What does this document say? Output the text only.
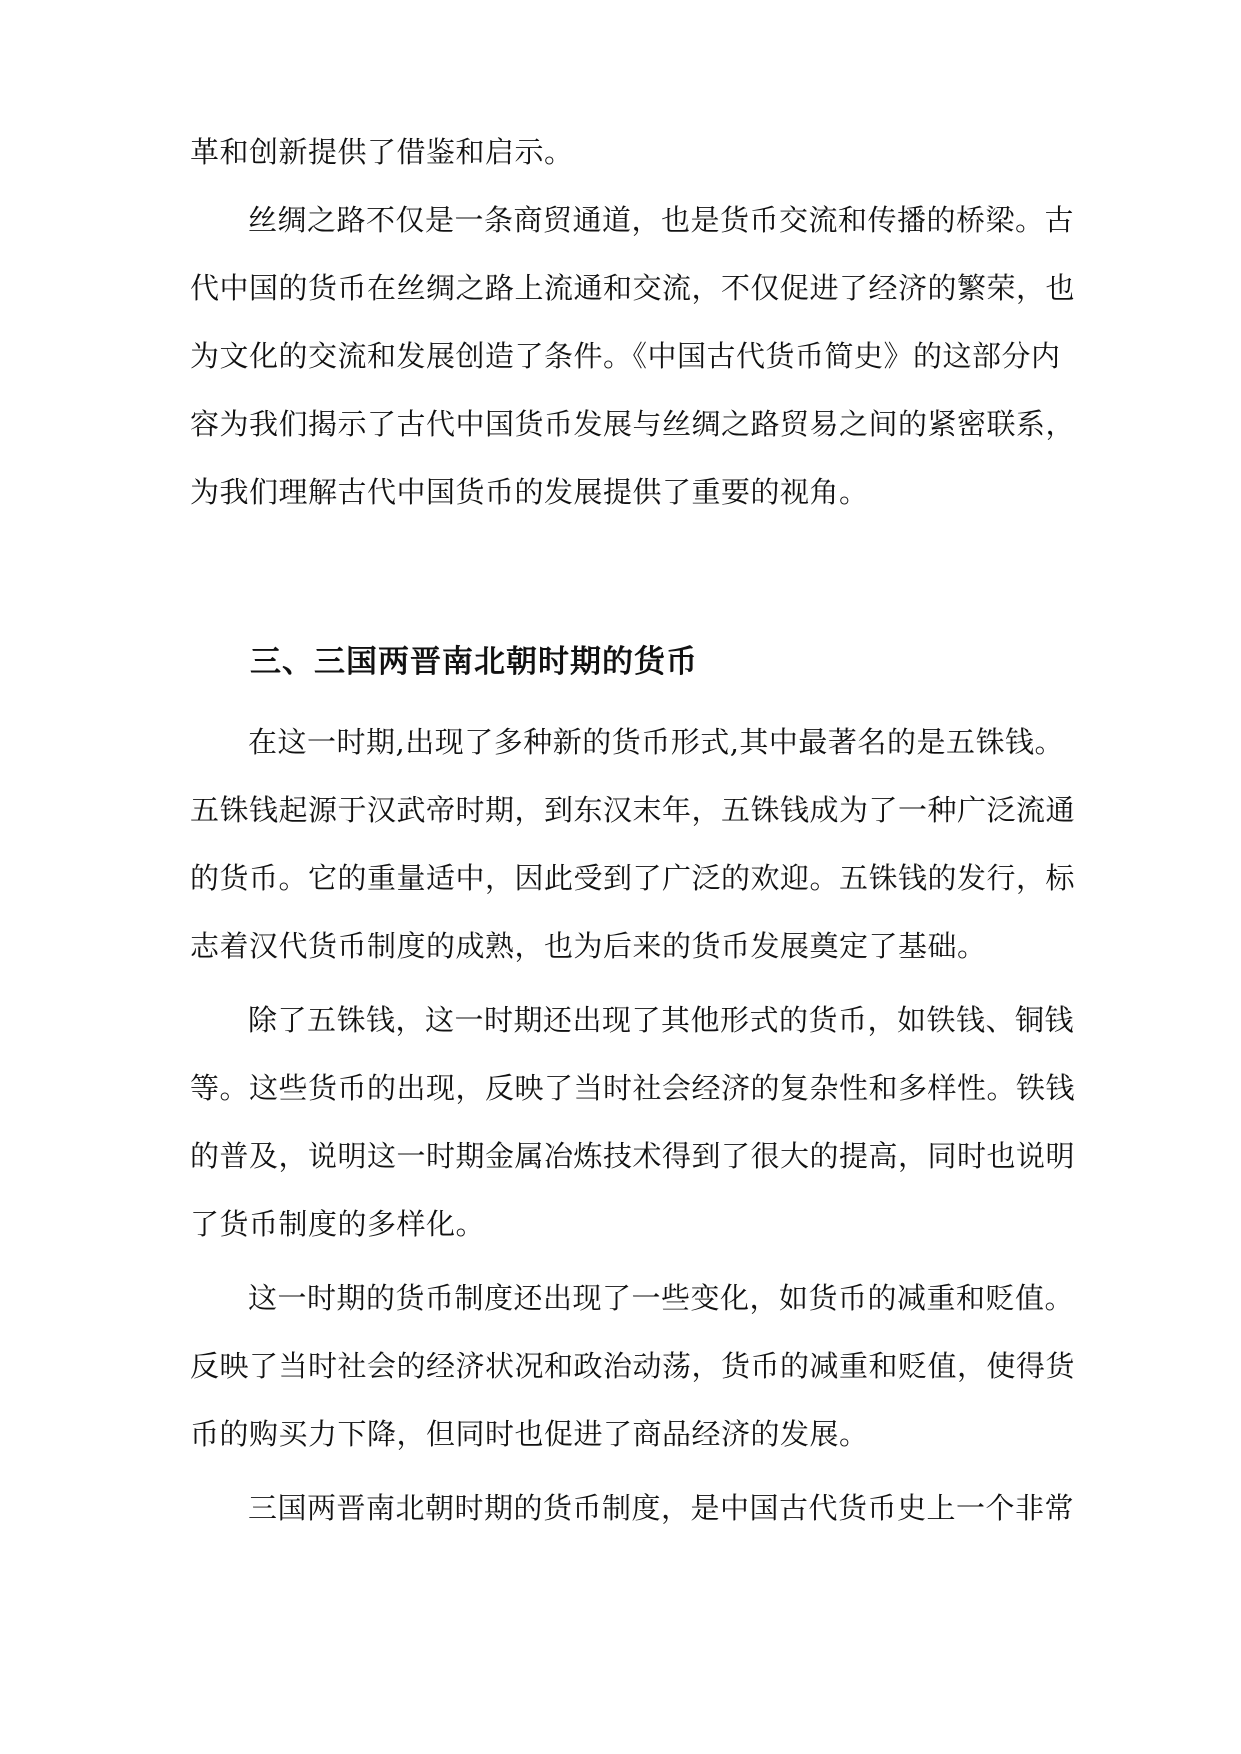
革和创新提供了借鉴和启示。
丝绸之路不仅是一条商贸通道，也是货币交流和传播的桥梁。古
代中国的货币在丝绸之路上流通和交流，不仅促进了经济的繁荣，也
为文化的交流和发展创造了条件。《中国古代货币简史》的这部分内
容为我们揭示了古代中国货币发展与丝绸之路贸易之间的紧密联系，
为我们理解古代中国货币的发展提供了重要的视角。
三、三国两晋南北朝时期的货币
在这一时期,出现了多种新的货币形式,其中最著名的是五铢钱。
五铢钱起源于汉武帝时期，到东汉末年，五铢钱成为了一种广泛流通
的货币。它的重量适中，因此受到了广泛的欢迎。五铢钱的发行，标
志着汉代货币制度的成熟，也为后来的货币发展奠定了基础。
除了五铢钱，这一时期还出现了其他形式的货币，如铁钱、铜钱
等。这些货币的出现，反映了当时社会经济的复杂性和多样性。铁钱
的普及，说明这一时期金属冶炼技术得到了很大的提高，同时也说明
了货币制度的多样化。
这一时期的货币制度还出现了一些变化，如货币的减重和贬值。
反映了当时社会的经济状况和政治动荡，货币的减重和贬值，使得货
币的购买力下降，但同时也促进了商品经济的发展。
三国两晋南北朝时期的货币制度，是中国古代货币史上一个非常
